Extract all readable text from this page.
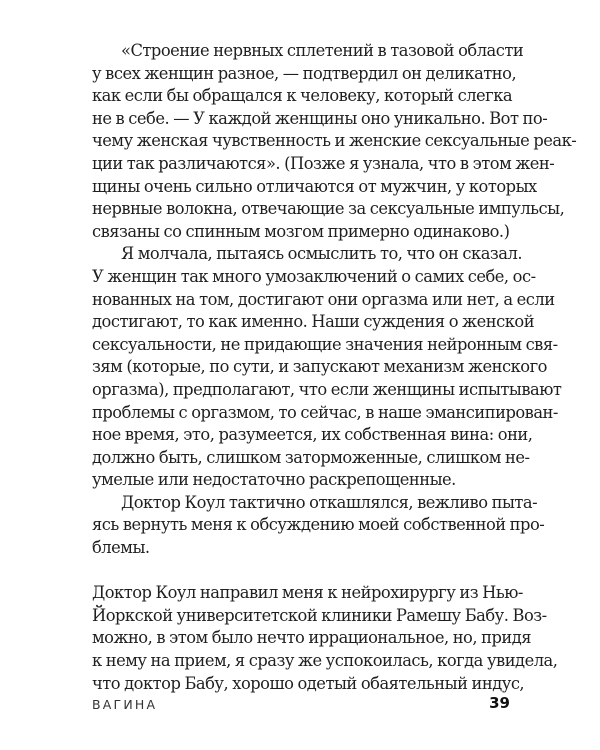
«Строение нервных сплетений в тазовой области
у всех женщин разное, — подтвердил он деликатно,
как если бы обращался к человеку, который слегка
не в себе. — У каждой женщины оно уникально. Вот по-
чему женская чувственность и женские сексуальные реак-
ции так различаются». (Позже я узнала, что в этом жен-
щины очень сильно отличаются от мужчин, у которых
нервные волокна, отвечающие за сексуальные импульсы,
связаны со спинным мозгом примерно одинаково.)
Я молчала, пытаясь осмыслить то, что он сказал.
У женщин так много умозаключений о самих себе, ос-
нованных на том, достигают они оргазма или нет, а если
достигают, то как именно. Наши суждения о женской
сексуальности, не придающие значения нейронным свя-
зям (которые, по сути, и запускают механизм женского
оргазма), предполагают, что если женщины испытывают
проблемы с оргазмом, то сейчас, в наше эмансипирован-
ное время, это, разумеется, их собственная вина: они,
должно быть, слишком заторможенные, слишком не-
умелые или недостаточно раскрепощенные.
Доктор Коул тактично откашлялся, вежливо пыта-
ясь вернуть меня к обсуждению моей собственной про-
блемы.
Доктор Коул направил меня к нейрохирургу из Нью-
Йоркской университетской клиники Рамешу Бабу. Воз-
можно, в этом было нечто иррациональное, но, придя
к нему на прием, я сразу же успокоилась, когда увидела,
что доктор Бабу, хорошо одетый обаятельный индус,
ВАГИНА	39
